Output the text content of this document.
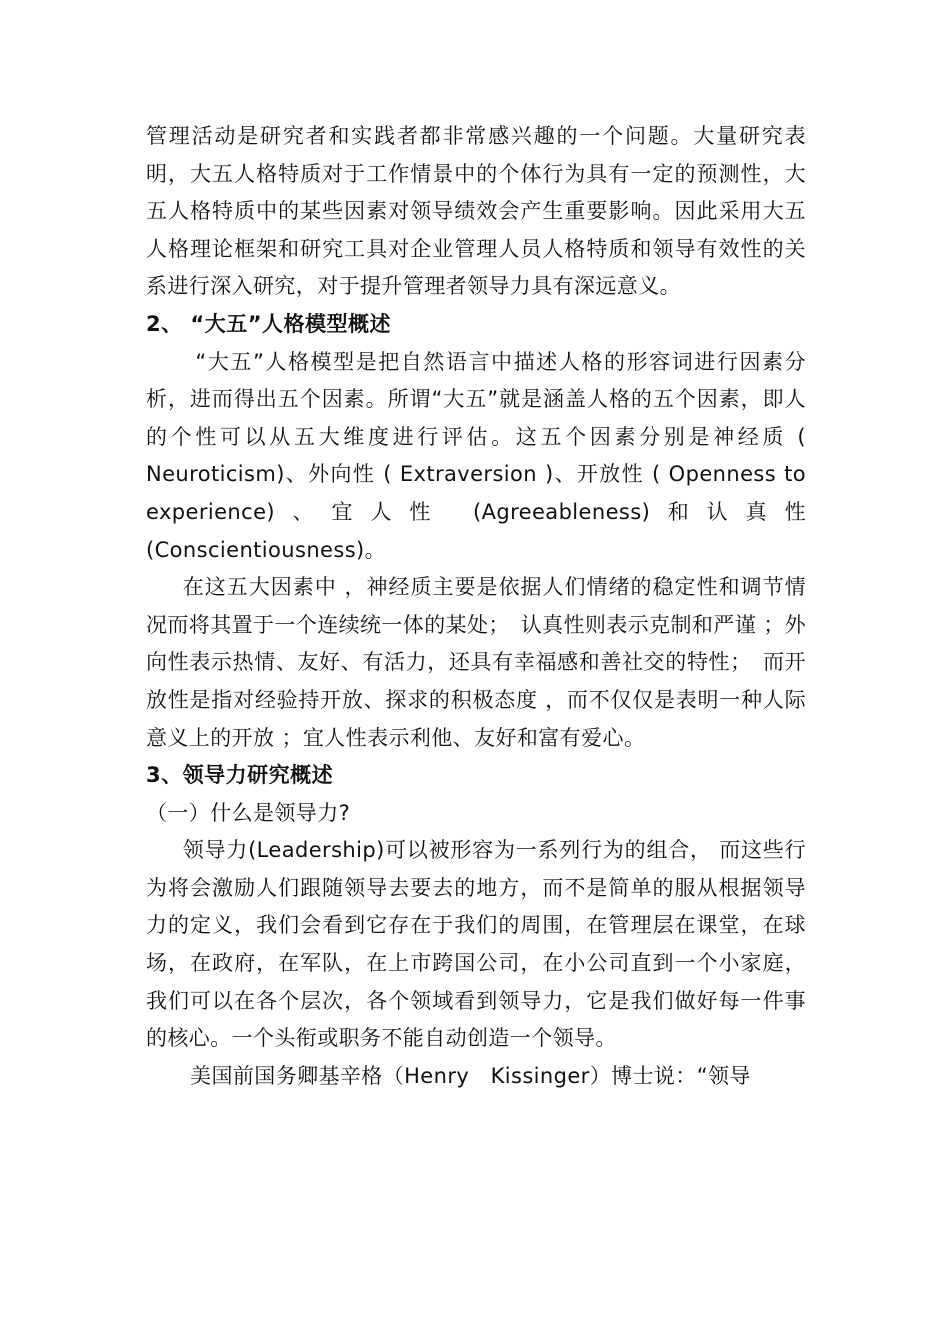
管理活动是研究者和实践者都非常感兴趣的一个问题。大量研究表明，大五人格特质对于工作情景中的个体行为具有一定的预测性，大五人格特质中的某些因素对领导绩效会产生重要影响。因此采用大五人格理论框架和研究工具对企业管理人员人格特质和领导有效性的关系进行深入研究，对于提升管理者领导力具有深远意义。

2、 “大五”人格模型概述

“大五”人格模型是把自然语言中描述人格的形容词进行因素分析，进而得出五个因素。所谓“大五”就是涵盖人格的五个因素，即人的个性可以从五大维度进行评估。这五个因素分别是神经质 ( Neuroticism)、外向性 ( Extraversion )、开放性 ( Openness to experience)、宜人性 (Agreeableness)和认真性 (Conscientiousness)。

在这五大因素中 ，神经质主要是依据人们情绪的稳定性和调节情况而将其置于一个连续统一体的某处；　认真性则表示克制和严谨 ；外向性表示热情、友好、有活力，还具有幸福感和善社交的特性；　而开放性是指对经验持开放、探求的积极态度 ，而不仅仅是表明一种人际意义上的开放 ；宜人性表示利他、友好和富有爱心。

3、领导力研究概述

（一）什么是领导力?

领导力(Leadership)可以被形容为一系列行为的组合， 而这些行为将会激励人们跟随领导去要去的地方，而不是简单的服从根据领导力的定义，我们会看到它存在于我们的周围，在管理层在课堂，在球场，在政府，在军队，在上市跨国公司，在小公司直到一个小家庭，我们可以在各个层次，各个领域看到领导力，它是我们做好每一件事的核心。一个头衔或职务不能自动创造一个领导。

美国前国务卿基辛格（Henry　Kissinger）博士说：“领导
